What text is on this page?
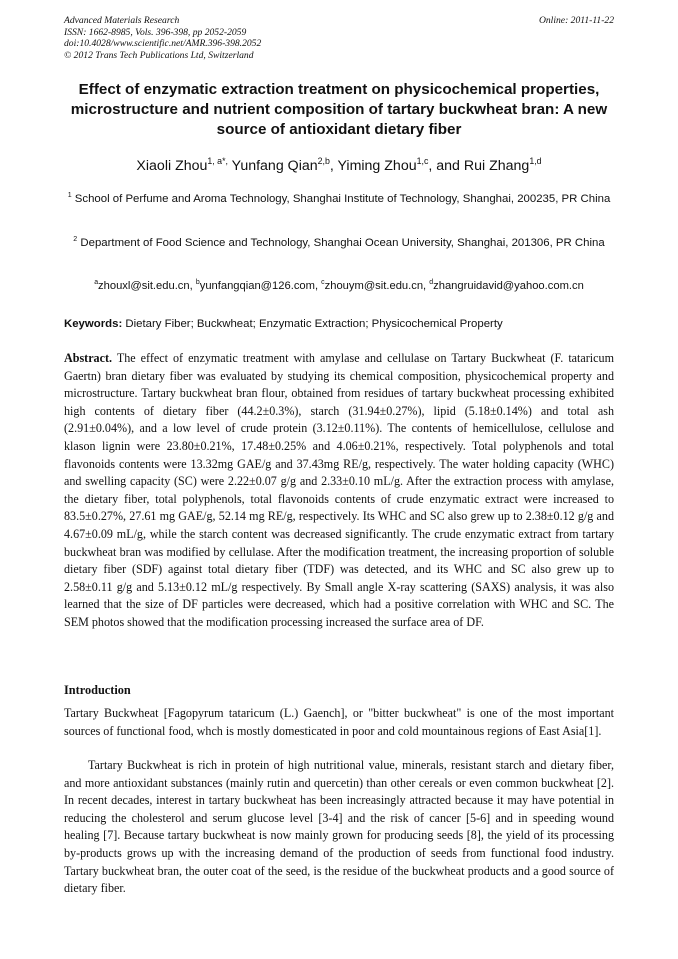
Advanced Materials Research
ISSN: 1662-8985, Vols. 396-398, pp 2052-2059
doi:10.4028/www.scientific.net/AMR.396-398.2052
© 2012 Trans Tech Publications Ltd, Switzerland
Online: 2011-11-22
Effect of enzymatic extraction treatment on physicochemical properties, microstructure and nutrient composition of tartary buckwheat bran: A new source of antioxidant dietary fiber
Xiaoli Zhou$^{1, a*,}$ Yunfang Qian$^{2,b}$, Yiming Zhou$^{1,c}$, and Rui Zhang$^{1,d}$
$^1$ School of Perfume and Aroma Technology, Shanghai Institute of Technology, Shanghai, 200235, PR China
$^2$ Department of Food Science and Technology, Shanghai Ocean University, Shanghai, 201306, PR China
$^a$zhouxl@sit.edu.cn, $^b$yunfangqian@126.com, $^c$zhouym@sit.edu.cn, $^d$zhangruidavid@yahoo.com.cn
Keywords: Dietary Fiber; Buckwheat; Enzymatic Extraction; Physicochemical Property

Abstract. The effect of enzymatic treatment with amylase and cellulase on Tartary Buckwheat (F. tataricum Gaertn) bran dietary fiber was evaluated by studying its chemical composition, physicochemical property and microstructure. Tartary buckwheat bran flour, obtained from residues of tartary buckwheat processing exhibited high contents of dietary fiber (44.2±0.3%), starch (31.94±0.27%), lipid (5.18±0.14%) and total ash (2.91±0.04%), and a low level of crude protein (3.12±0.11%). The contents of hemicellulose, cellulose and klason lignin were 23.80±0.21%, 17.48±0.25% and 4.06±0.21%, respectively. Total polyphenols and total flavonoids contents were 13.32mg GAE/g and 37.43mg RE/g, respectively. The water holding capacity (WHC) and swelling capacity (SC) were 2.22±0.07 g/g and 2.33±0.10 mL/g. After the extraction process with amylase, the dietary fiber, total polyphenols, total flavonoids contents of crude enzymatic extract were increased to 83.5±0.27%, 27.61 mg GAE/g, 52.14 mg RE/g, respectively. Its WHC and SC also grew up to 2.38±0.12 g/g and 4.67±0.09 mL/g, while the starch content was decreased significantly. The crude enzymatic extract from tartary buckwheat bran was modified by cellulase. After the modification treatment, the increasing proportion of soluble dietary fiber (SDF) against total dietary fiber (TDF) was detected, and its WHC and SC also grew up to 2.58±0.11 g/g and 5.13±0.12 mL/g respectively. By Small angle X-ray scattering (SAXS) analysis, it was also learned that the size of DF particles were decreased, which had a positive correlation with WHC and SC. The SEM photos showed that the modification processing increased the surface area of DF.

Introduction

Tartary Buckwheat [Fagopyrum tataricum (L.) Gaench], or "bitter buckwheat" is one of the most important sources of functional food, whch is mostly domesticated in poor and cold mountainous regions of East Asia[1].

Tartary Buckwheat is rich in protein of high nutritional value, minerals, resistant starch and dietary fiber, and more antioxidant substances (mainly rutin and quercetin) than other cereals or even common buckwheat [2]. In recent decades, interest in tartary buckwheat has been increasingly attracted because it may have potential in reducing the cholesterol and serum glucose level [3-4] and the risk of cancer [5-6] and in speeding wound healing [7]. Because tartary buckwheat is now mainly grown for producing seeds [8], the yield of its processing by-products grows up with the increasing demand of the production of seeds from functional food industry. Tartary buckwheat bran, the outer coat of the seed, is the residue of the buckwheat products and a good source of dietary fiber.
